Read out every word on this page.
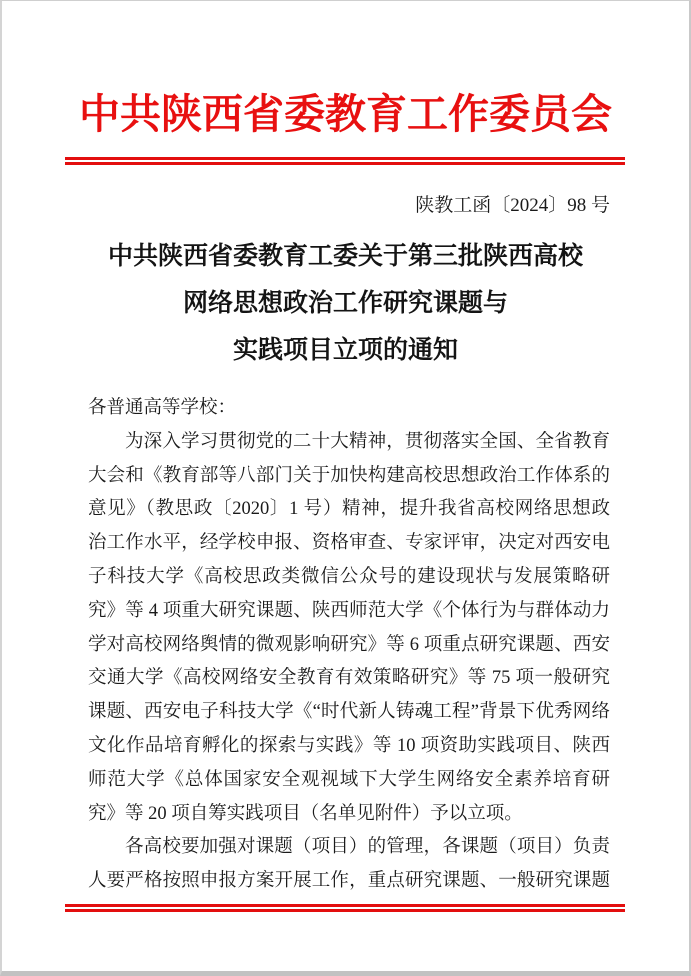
中共陕西省委教育工作委员会
陕教工函〔2024〕98 号
中共陕西省委教育工委关于第三批陕西高校
网络思想政治工作研究课题与
实践项目立项的通知
各普通高等学校：
为深入学习贯彻党的二十大精神，贯彻落实全国、全省教育
大会和《教育部等八部门关于加快构建高校思想政治工作体系的
意见》（教思政〔2020〕1 号）精神，提升我省高校网络思想政
治工作水平，经学校申报、资格审查、专家评审，决定对西安电
子科技大学《高校思政类微信公众号的建设现状与发展策略研
究》等 4 项重大研究课题、陕西师范大学《个体行为与群体动力
学对高校网络舆情的微观影响研究》等 6 项重点研究课题、西安
交通大学《高校网络安全教育有效策略研究》等 75 项一般研究
课题、西安电子科技大学《“时代新人铸魂工程”背景下优秀网络
文化作品培育孵化的探索与实践》等 10 项资助实践项目、陕西
师范大学《总体国家安全观视域下大学生网络安全素养培育研
究》等 20 项自筹实践项目（名单见附件）予以立项。
各高校要加强对课题（项目）的管理，各课题（项目）负责
人要严格按照申报方案开展工作，重点研究课题、一般研究课题
